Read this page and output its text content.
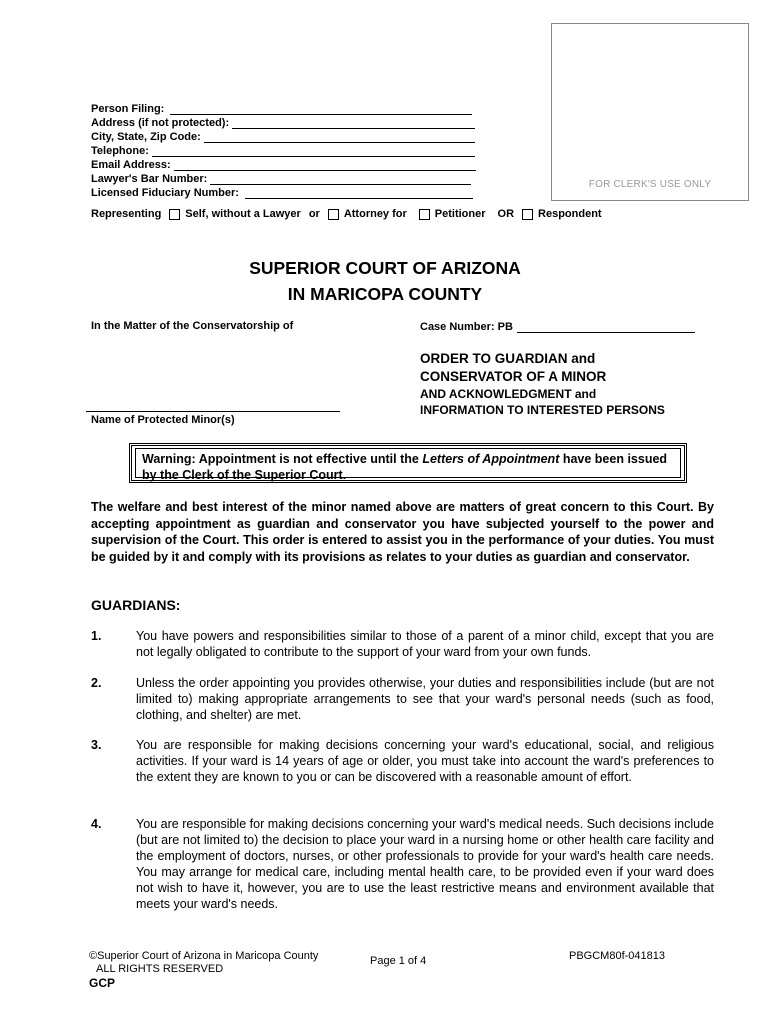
FOR CLERK'S USE ONLY
Person Filing:
Address (if not protected):
City, State, Zip Code:
Telephone:
Email Address:
Lawyer's Bar Number:
Licensed Fiduciary Number:
Representing Self, without a Lawyer or Attorney for	Petitioner OR Respondent
SUPERIOR COURT OF ARIZONA
IN MARICOPA COUNTY
In the Matter of the Conservatorship of	Case Number: PB
ORDER TO GUARDIAN and
CONSERVATOR OF A MINOR
AND ACKNOWLEDGMENT and
INFORMATION TO INTERESTED PERSONS
Name of Protected Minor(s)
Warning: Appointment is not effective until the Letters of Appointment have been issued by the Clerk of the Superior Court.
The welfare and best interest of the minor named above are matters of great concern to this Court. By accepting appointment as guardian and conservator you have subjected yourself to the power and supervision of the Court. This order is entered to assist you in the performance of your duties. You must be guided by it and comply with its provisions as relates to your duties as guardian and conservator.
GUARDIANS:
1.	You have powers and responsibilities similar to those of a parent of a minor child, except that you are not legally obligated to contribute to the support of your ward from your own funds.
2.	Unless the order appointing you provides otherwise, your duties and responsibilities include (but are not limited to) making appropriate arrangements to see that your ward's personal needs (such as food, clothing, and shelter) are met.
3.	You are responsible for making decisions concerning your ward's educational, social, and religious activities. If your ward is 14 years of age or older, you must take into account the ward's preferences to the extent they are known to you or can be discovered with a reasonable amount of effort.
4.	You are responsible for making decisions concerning your ward's medical needs. Such decisions include (but are not limited to) the decision to place your ward in a nursing home or other health care facility and the employment of doctors, nurses, or other professionals to provide for your ward's health care needs. You may arrange for medical care, including mental health care, to be provided even if your ward does not wish to have it, however, you are to use the least restrictive means and environment available that meets your ward's needs.
©Superior Court of Arizona in Maricopa County
ALL RIGHTS RESERVED
GCP
Page 1 of 4	PBGCM80f-041813
